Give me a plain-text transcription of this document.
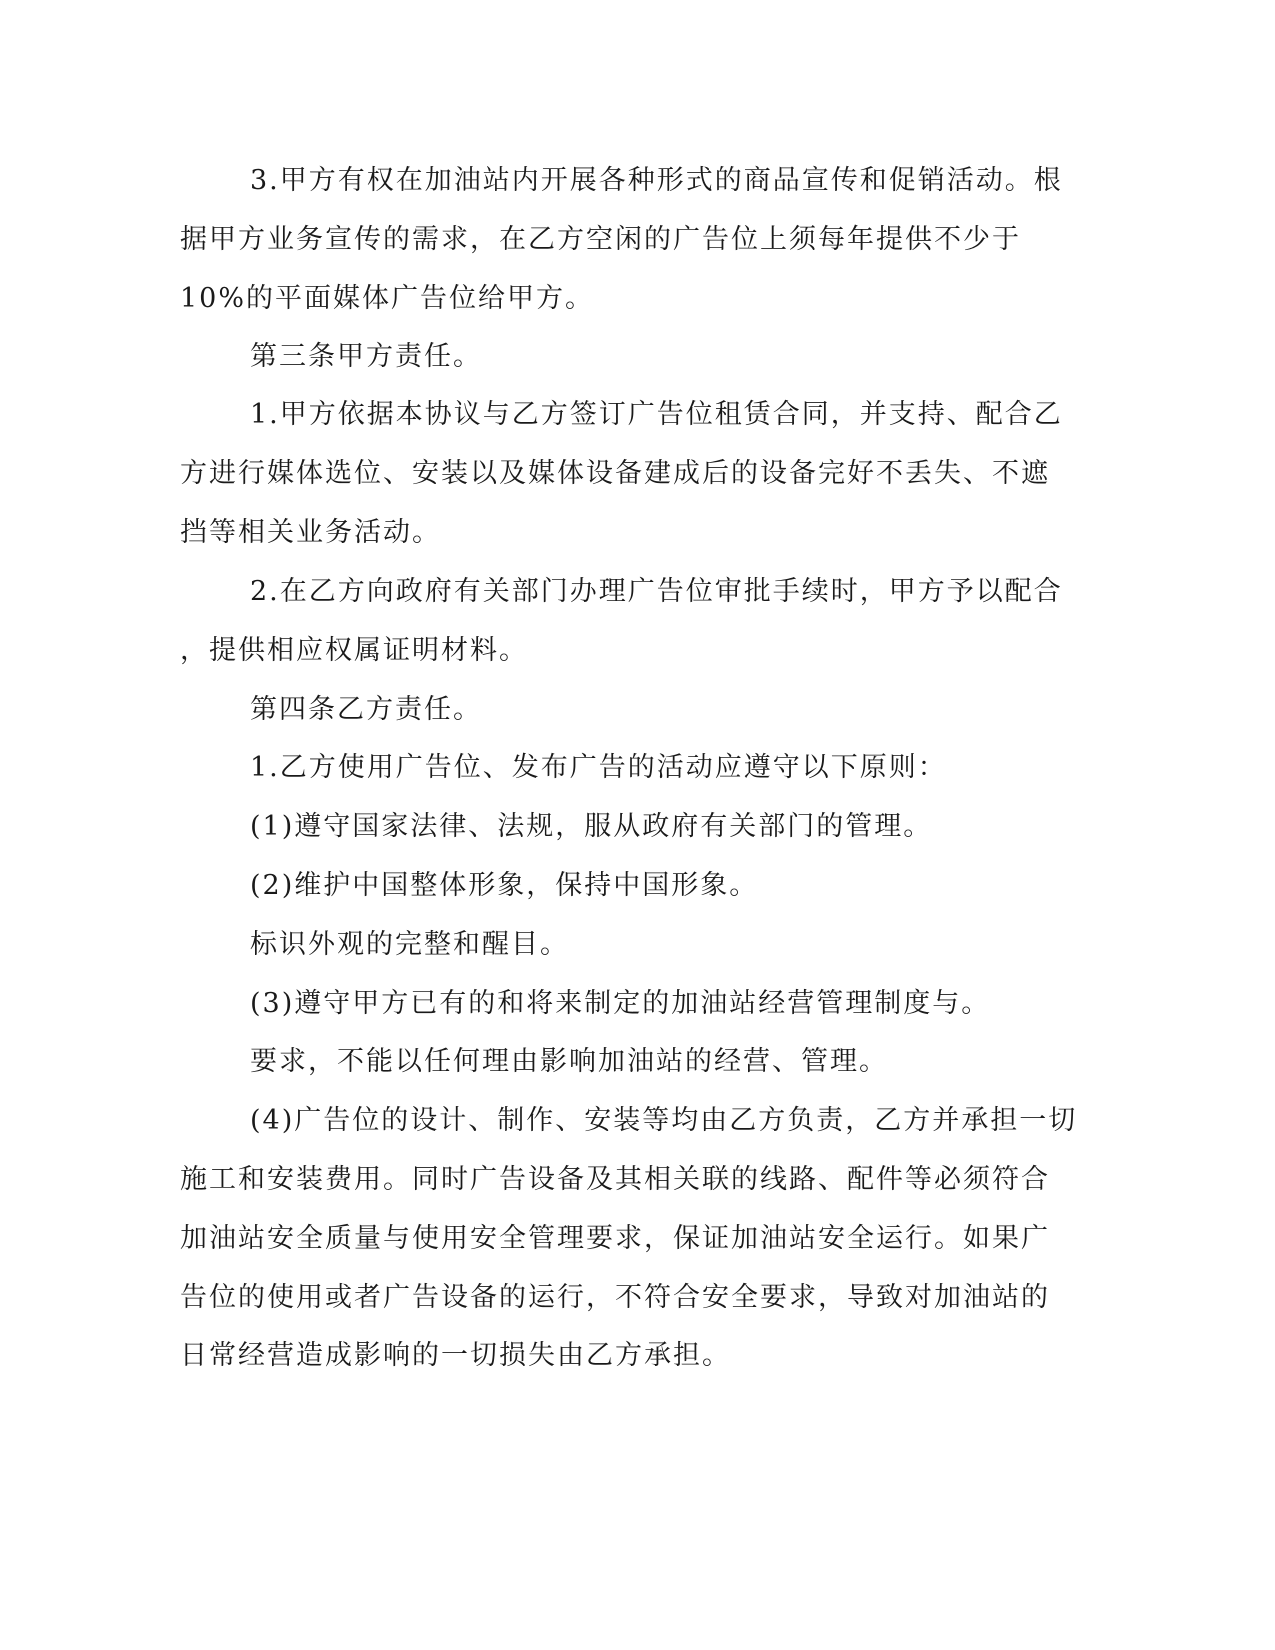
3.甲方有权在加油站内开展各种形式的商品宣传和促销活动。根

据甲方业务宣传的需求，在乙方空闲的广告位上须每年提供不少于

10%的平面媒体广告位给甲方。

第三条甲方责任。

1.甲方依据本协议与乙方签订广告位租赁合同，并支持、配合乙

方进行媒体选位、安装以及媒体设备建成后的设备完好不丢失、不遮

挡等相关业务活动。

2.在乙方向政府有关部门办理广告位审批手续时，甲方予以配合

，提供相应权属证明材料。

第四条乙方责任。

1.乙方使用广告位、发布广告的活动应遵守以下原则：

(1)遵守国家法律、法规，服从政府有关部门的管理。

(2)维护中国整体形象，保持中国形象。

标识外观的完整和醒目。

(3)遵守甲方已有的和将来制定的加油站经营管理制度与。

要求，不能以任何理由影响加油站的经营、管理。

(4)广告位的设计、制作、安装等均由乙方负责，乙方并承担一切

施工和安装费用。同时广告设备及其相关联的线路、配件等必须符合

加油站安全质量与使用安全管理要求，保证加油站安全运行。如果广

告位的使用或者广告设备的运行，不符合安全要求，导致对加油站的

日常经营造成影响的一切损失由乙方承担。
